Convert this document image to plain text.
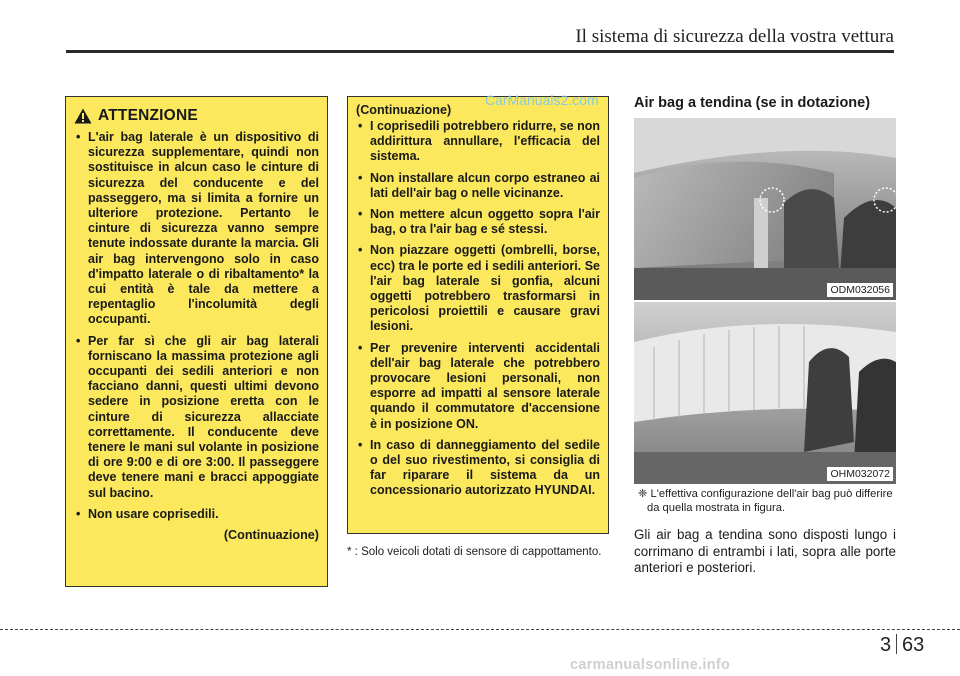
Il sistema di sicurezza della vostra vettura
ATTENZIONE
• L'air bag laterale è un dispositivo di sicurezza supplementare, quindi non sostituisce in alcun caso le cinture di sicurezza del conducente e del passeggero, ma si limita a fornire un ulteriore protezione. Pertanto le cinture di sicurezza vanno sempre tenute indossate durante la marcia. Gli air bag intervengono solo in caso d'impatto laterale o di ribaltamento* la cui entità è tale da mettere a repentaglio l'incolumità degli occupanti.
• Per far sì che gli air bag laterali forniscano la massima protezione agli occupanti dei sedili anteriori e non facciano danni, questi ultimi devono sedere in posizione eretta con le cinture di sicurezza allacciate correttamente. Il conducente deve tenere le mani sul volante in posizione di ore 9:00 e di ore 3:00. Il passeggere deve tenere mani e bracci appoggiate sul bacino.
• Non usare coprisedili.
(Continuazione)
(Continuazione)
• I coprisedili potrebbero ridurre, se non addirittura annullare, l'efficacia del sistema.
• Non installare alcun corpo estraneo ai lati dell'air bag o nelle vicinanze.
• Non mettere alcun oggetto sopra l'air bag, o tra l'air bag e sé stessi.
• Non piazzare oggetti (ombrelli, borse, ecc) tra le porte ed i sedili anteriori. Se l'air bag laterale si gonfia, alcuni oggetti potrebbero trasformarsi in pericolosi proiettili e causare gravi lesioni.
• Per prevenire interventi accidentali dell'air bag laterale che potrebbero provocare lesioni personali, non esporre ad impatti al sensore laterale quando il commutatore d'accensione è in posizione ON.
• In caso di danneggiamento del sedile o del suo rivestimento, si consiglia di far riparare il sistema da un concessionario autorizzato HYUNDAI.
* : Solo veicoli dotati di sensore di cappottamento.
CarManuals2.com Air bag a tendina (se in dotazione)
ODM032056
OHM032072
❈ L'effettiva configurazione dell'air bag può differire da quella mostrata in figura.
Gli air bag a tendina sono disposti lungo i corrimano di entrambi i lati, sopra alle porte anteriori e posteriori.
3 63
carmanualsonline.info
